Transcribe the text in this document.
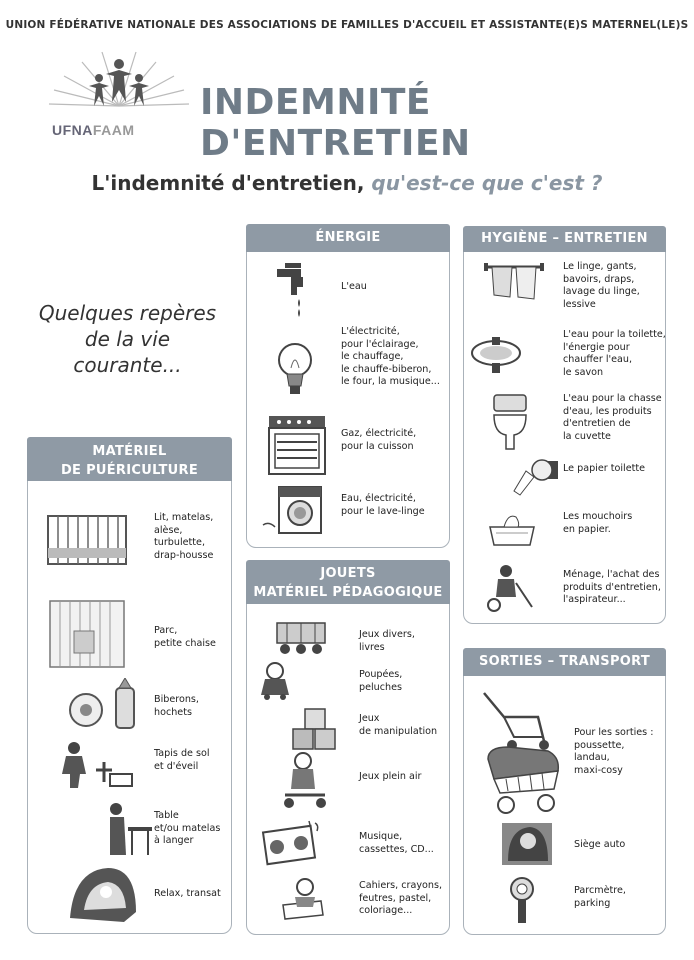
UNION FÉDÉRATIVE NATIONALE DES ASSOCIATIONS DE FAMILLES D'ACCUEIL ET ASSISTANTE(E)S MATERNEL(LE)S
UFNAFAAM
INDEMNITÉ D'ENTRETIEN
L'indemnité d'entretien, qu'est-ce que c'est ?
Quelques repères
de la vie courante...
MATÉRIEL
DE PUÉRICULTURE
Lit, matelas,
alèse,
turbulette,
drap-housse
Parc,
petite chaise
Biberons,
hochets
Tapis de sol
et d'éveil
Table
et/ou matelas
à langer
Relax, transat
ÉNERGIE
L'eau
L'électricité,
pour l'éclairage,
le chauffage,
le chauffe-biberon,
le four, la musique...
Gaz, électricité,
pour la cuisson
Eau, électricité,
pour le lave-linge
JOUETS
MATÉRIEL PÉDAGOGIQUE
Jeux divers,
livres
Poupées,
peluches
Jeux
de manipulation
Jeux plein air
Musique,
cassettes, CD...
Cahiers, crayons,
feutres, pastel,
coloriage...
HYGIÈNE – ENTRETIEN
Le linge, gants,
bavoirs, draps,
lavage du linge,
lessive
L'eau pour la toilette,
l'énergie pour
chauffer l'eau,
le savon
L'eau pour la chasse
d'eau, les produits
d'entretien de
la cuvette
Le papier toilette
Les mouchoirs
en papier.
Ménage, l'achat des
produits d'entretien,
l'aspirateur...
SORTIES – TRANSPORT
Pour les sorties :
poussette,
landau,
maxi-cosy
Siège auto
Parcmètre,
parking
